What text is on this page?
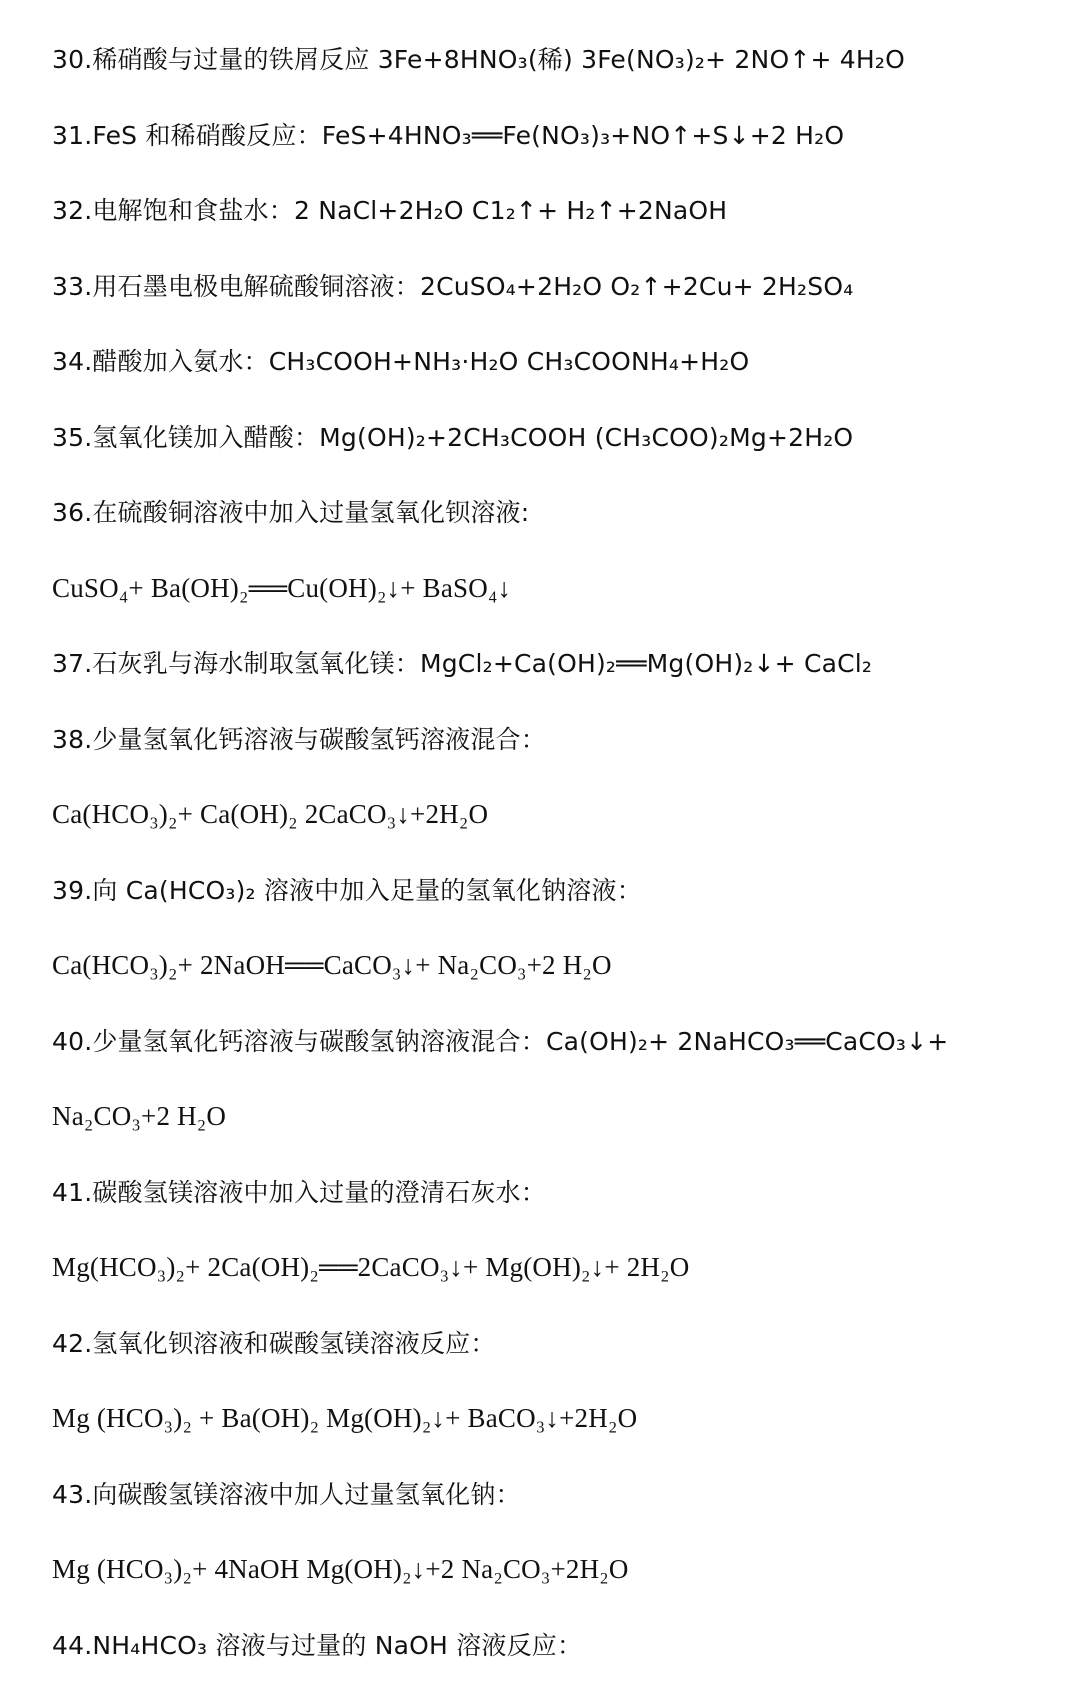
30.稀硝酸与过量的铁屑反应 3Fe+8HNO₃(稀) 3Fe(NO₃)₂+ 2NO↑+ 4H₂O
31.FeS 和稀硝酸反应：FeS+4HNO₃══Fe(NO₃)₃+NO↑+S↓+2 H₂O
32.电解饱和食盐水：2 NaCl+2H₂O C1₂↑+ H₂↑+2NaOH
33.用石墨电极电解硫酸铜溶液：2CuSO₄+2H₂O O₂↑+2Cu+ 2H₂SO₄
34.醋酸加入氨水：CH₃COOH+NH₃·H₂O CH₃COONH₄+H₂O
35.氢氧化镁加入醋酸：Mg(OH)₂+2CH₃COOH (CH₃COO)₂Mg+2H₂O
36.在硫酸铜溶液中加入过量氢氧化钡溶液:
CuSO₄+ Ba(OH)₂══Cu(OH)₂↓+ BaSO₄↓
37.石灰乳与海水制取氢氧化镁：MgCl₂+Ca(OH)₂══Mg(OH)₂↓+ CaCl₂
38.少量氢氧化钙溶液与碳酸氢钙溶液混合：
Ca(HCO₃)₂+ Ca(OH)₂ 2CaCO₃↓+2H₂O
39.向 Ca(HCO₃)₂ 溶液中加入足量的氢氧化钠溶液：
Ca(HCO₃)₂+ 2NaOH══CaCO₃↓+ Na₂CO₃+2 H₂O
40.少量氢氧化钙溶液与碳酸氢钠溶液混合：Ca(OH)₂+ 2NaHCO₃══CaCO₃↓+
Na₂CO₃+2 H₂O
41.碳酸氢镁溶液中加入过量的澄清石灰水：
Mg(HCO₃)₂+ 2Ca(OH)₂══2CaCO₃↓+ Mg(OH)₂↓+ 2H₂O
42.氢氧化钡溶液和碳酸氢镁溶液反应：
Mg (HCO₃)₂ + Ba(OH)₂ Mg(OH)₂↓+ BaCO₃↓+2H₂O
43.向碳酸氢镁溶液中加人过量氢氧化钠：
Mg (HCO₃)₂+ 4NaOH Mg(OH)₂↓+2 Na₂CO₃+2H₂O
44.NH₄HCO₃ 溶液与过量的 NaOH 溶液反应：
